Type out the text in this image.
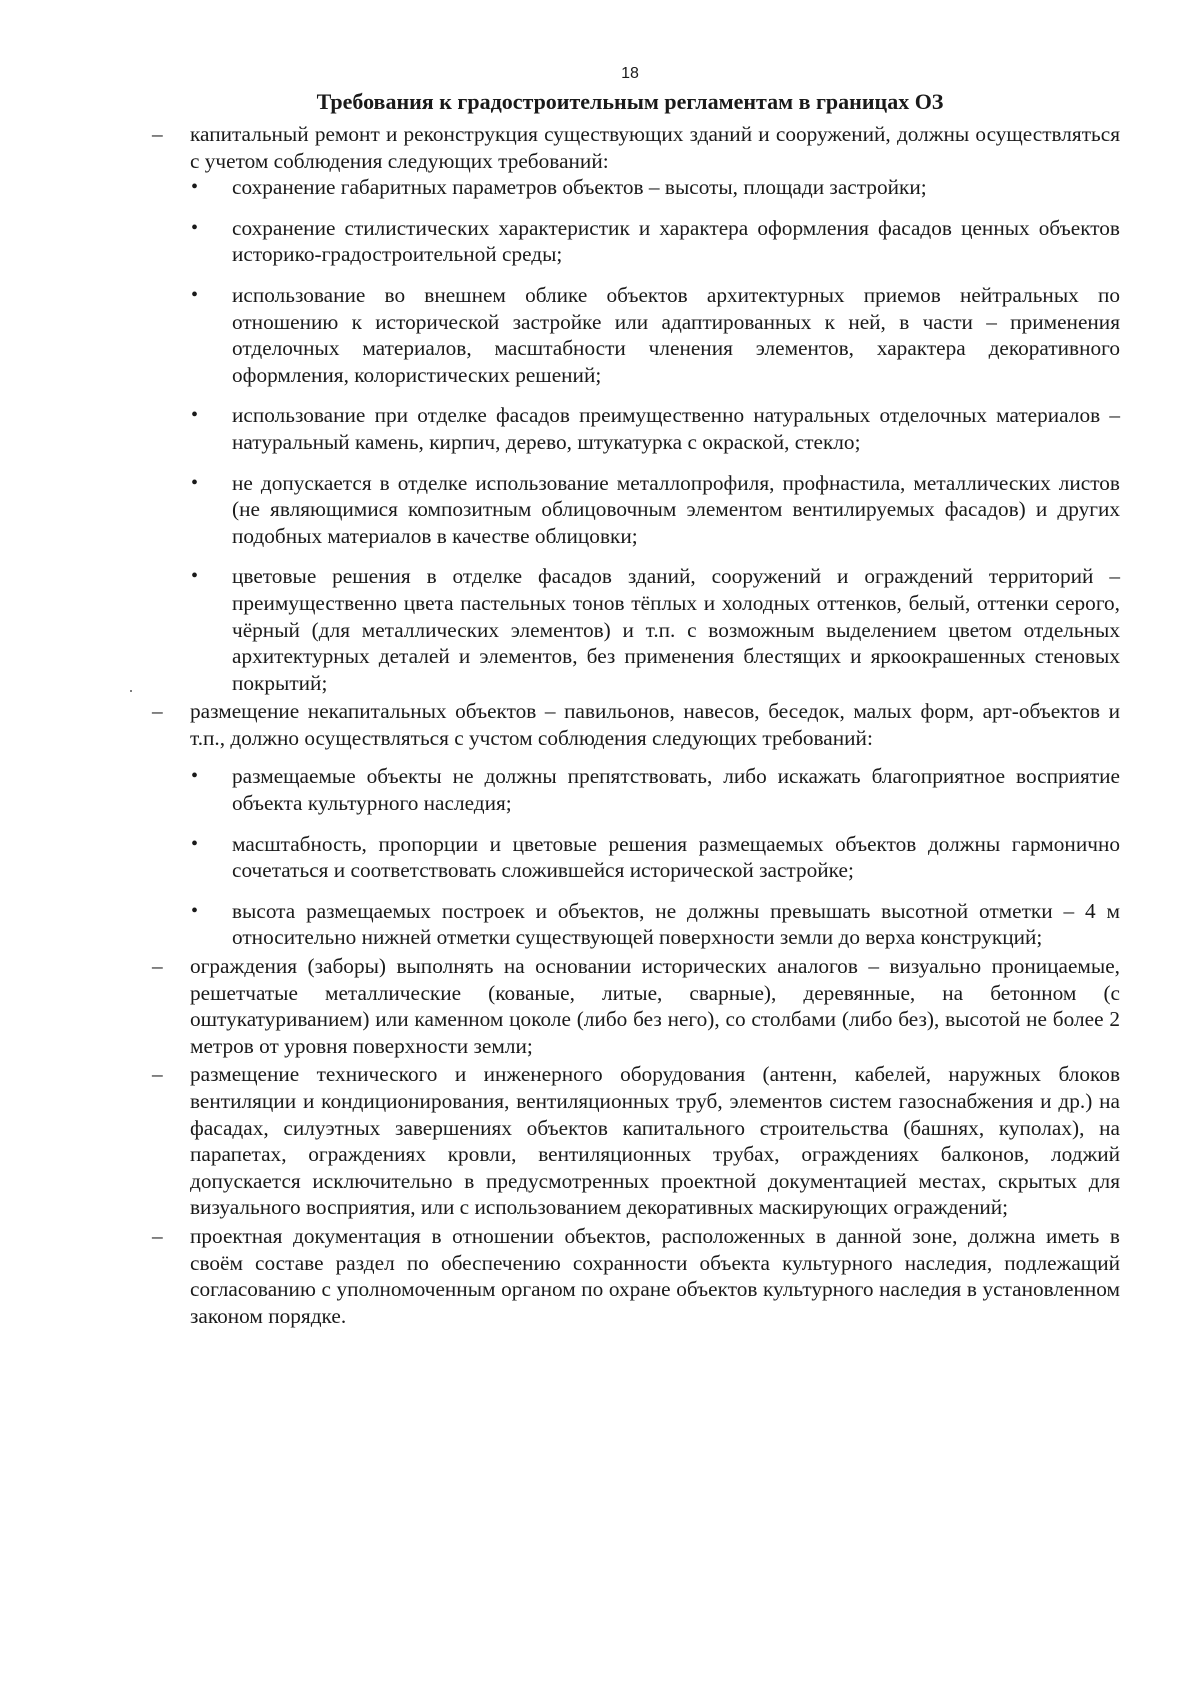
18
Требования к градостроительным регламентам в границах ОЗ
– капитальный ремонт и реконструкция существующих зданий и сооружений, должны осуществляться с учетом соблюдения следующих требований:
• сохранение габаритных параметров объектов – высоты, площади застройки;
• сохранение стилистических характеристик и характера оформления фасадов ценных объектов историко-градостроительной среды;
• использование во внешнем облике объектов архитектурных приемов нейтральных по отношению к исторической застройке или адаптированных к ней, в части – применения отделочных материалов, масштабности членения элементов, характера декоративного оформления, колористических решений;
• использование при отделке фасадов преимущественно натуральных отделочных материалов – натуральный камень, кирпич, дерево, штукатурка с окраской, стекло;
• не допускается в отделке использование металлопрофиля, профнастила, металлических листов (не являющимися композитным облицовочным элементом вентилируемых фасадов) и других подобных материалов в качестве облицовки;
• цветовые решения в отделке фасадов зданий, сооружений и ограждений территорий – преимущественно цвета пастельных тонов тёплых и холодных оттенков, белый, оттенки серого, чёрный (для металлических элементов) и т.п. с возможным выделением цветом отдельных архитектурных деталей и элементов, без применения блестящих и яркоокрашенных стеновых покрытий;
– размещение некапитальных объектов – павильонов, навесов, беседок, малых форм, арт-объектов и т.п., должно осуществляться с учстом соблюдения следующих требований:
• размещаемые объекты не должны препятствовать, либо искажать благоприятное восприятие объекта культурного наследия;
• масштабность, пропорции и цветовые решения размещаемых объектов должны гармонично сочетаться и соответствовать сложившейся исторической застройке;
• высота размещаемых построек и объектов, не должны превышать высотной отметки – 4 м относительно нижней отметки существующей поверхности земли до верха конструкций;
– ограждения (заборы) выполнять на основании исторических аналогов – визуально проницаемые, решетчатые металлические (кованые, литые, сварные), деревянные, на бетонном (с оштукатуриванием) или каменном цоколе (либо без него), со столбами (либо без), высотой не более 2 метров от уровня поверхности земли;
– размещение технического и инженерного оборудования (антенн, кабелей, наружных блоков вентиляции и кондиционирования, вентиляционных труб, элементов систем газоснабжения и др.) на фасадах, силуэтных завершениях объектов капитального строительства (башнях, куполах), на парапетах, ограждениях кровли, вентиляционных трубах, ограждениях балконов, лоджий допускается исключительно в предусмотренных проектной документацией местах, скрытых для визуального восприятия, или с использованием декоративных маскирующих ограждений;
– проектная документация в отношении объектов, расположенных в данной зоне, должна иметь в своём составе раздел по обеспечению сохранности объекта культурного наследия, подлежащий согласованию с уполномоченным органом по охране объектов культурного наследия в установленном законом порядке.
